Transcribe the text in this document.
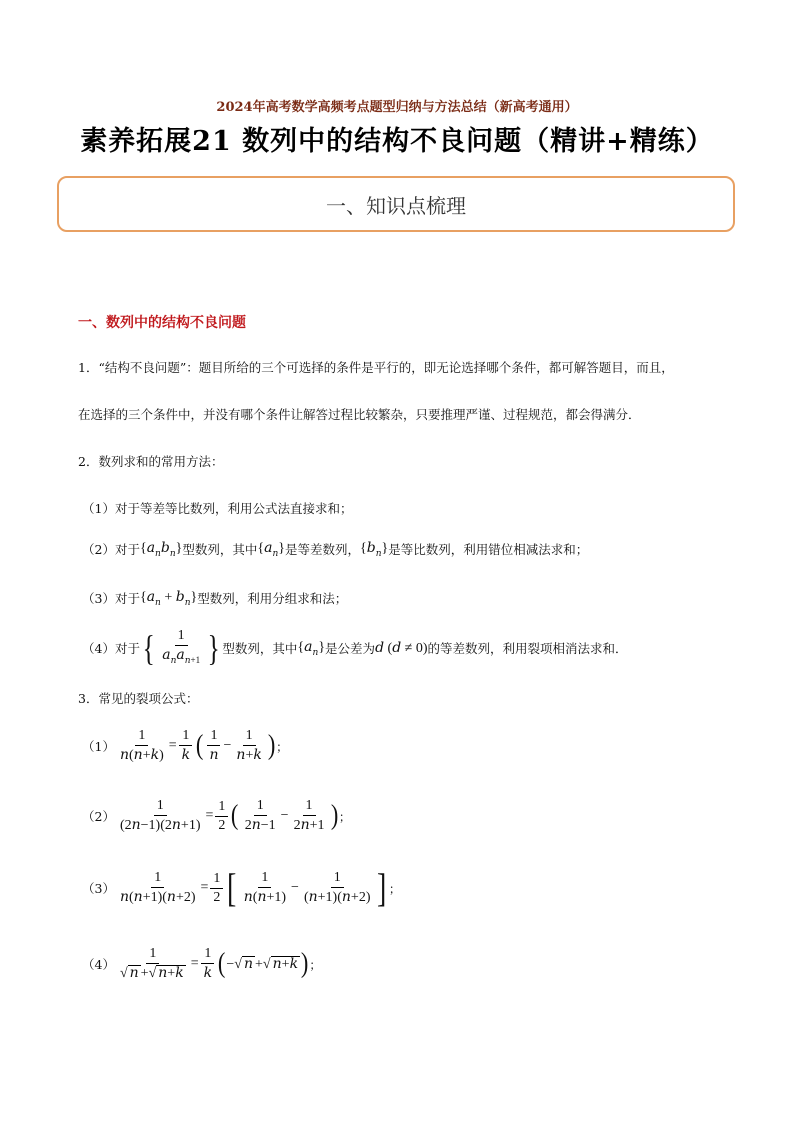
2024年高考数学高频考点题型归纳与方法总结（新高考通用）
素养拓展21 数列中的结构不良问题（精讲+精练）
一、知识点梳理
一、数列中的结构不良问题
1．“结构不良问题”：题目所给的三个可选择的条件是平行的，即无论选择哪个条件，都可解答题目，而且，
在选择的三个条件中，并没有哪个条件让解答过程比较繁杂，只要推理严谨、过程规范，都会得满分．
2．数列求和的常用方法：
（1）对于等差等比数列，利用公式法直接求和；
（2）对于 $\{a_nb_n\}$ 型数列，其中 $\{a_n\}$ 是等差数列， $\{b_n\}$ 是等比数列，利用错位相减法求和；
（3）对于 $\{a_n + b_n\}$ 型数列，利用分组求和法；
（4）对于 { $\frac{1}{a_na_{n+1}}$ } 型数列，其中 $\{a_n\}$ 是公差为 d (d ≠ 0) 的等差数列，利用裂项相消法求和．
3．常见的裂项公式：
$(1) \frac{1}{n(n+k)} = \frac{1}{k}$ ( $\frac{1}{n} - \frac{1}{n+k}$ ) ；
$(2) \frac{1}{(2n-1)(2n+1)} = \frac{1}{2}$ ( $\frac{1}{2n-1} - \frac{1}{2n+1}$ ) ；
$(3) \frac{1}{n(n+1)(n+2)} = \frac{1}{2}$ [ $\frac{1}{n(n+1)} - \frac{1}{(n+1)(n+2)}$ ] ；
$(4) \frac{1}{√ n +√ n+k} = \frac{1}{k}$ ( −√ n +√ n+k ) ；
